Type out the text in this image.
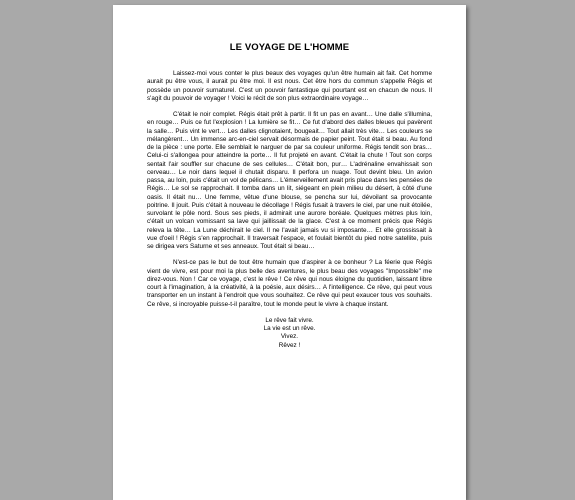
LE VOYAGE DE L'HOMME

Laissez-moi vous conter le plus beaux des voyages qu'un être humain ait fait. Cet homme aurait pu être vous, il aurait pu être moi. Il est nous. Cet être hors du commun s'appelle Régis et possède un pouvoir surnaturel. C'est un pouvoir fantastique qui pourtant est en chacun de nous. Il s'agit du pouvoir de voyager ! Voici le récit de son plus extraordinaire voyage…

C'était le noir complet. Régis était prêt à partir. Il fit un pas en avant… Une dalle s'illumina, en rouge… Puis ce fut l'explosion ! La lumière se fit… Ce fut d'abord des dalles bleues qui pavèrent la salle… Puis vint le vert… Les dalles clignotaient, bougeait… Tout allait très vite… Les couleurs se mélangèrent… Un immense arc-en-ciel servait désormais de papier peint. Tout était si beau. Au fond de la pièce : une porte. Elle semblait le narguer de par sa couleur uniforme. Régis tendit son bras… Celui-ci s'allongea pour atteindre la porte… Il fut projeté en avant. C'était la chute ! Tout son corps sentait l'air souffler sur chacune de ses cellules… C'était bon, pur… L'adrénaline envahissait son cerveau… Le noir dans lequel il chutait disparu. Il perfora un nuage. Tout devint bleu. Un avion passa, au loin, puis c'était un vol de pélicans… L'émerveillement avait pris place dans les pensées de Régis… Le sol se rapprochait. Il tomba dans un lit, siégeant en plein milieu du désert, à côté d'une oasis. Il était nu… Une femme, vêtue d'une blouse, se pencha sur lui, dévoilant sa provocante poitrine. Il jouit. Puis c'était à nouveau le décollage ! Régis fusait à travers le ciel, par une nuit étoilée, survolant le pôle nord. Sous ses pieds, il admirait une aurore boréale. Quelques mètres plus loin, c'était un volcan vomissant sa lave qui jaillissait de la glace. C'est à ce moment précis que Régis releva la tête… La Lune déchirait le ciel. Il ne l'avait jamais vu si imposante… Et elle grossissait à vue d'oeil ! Régis s'en rapprochait. Il traversait l'espace, et foulait bientôt du pied notre satellite, puis se dirigea vers Saturne et ses anneaux. Tout était si beau…

N'est-ce pas le but de tout être humain que d'aspirer à ce bonheur ? La féerie que Régis vient de vivre, est pour moi la plus belle des aventures, le plus beau des voyages "Impossible" me direz-vous. Non ! Car ce voyage, c'est le rêve ! Ce rêve qui nous éloigne du quotidien, laissant libre court à l'imagination, à la créativité, à la poésie, aux désirs… A l'intelligence. Ce rêve, qui peut vous transporter en un instant à l'endroit que vous souhaitez. Ce rêve qui peut exaucer tous vos souhaits. Ce rêve, si incroyable puisse-t-il paraître, tout le monde peut le vivre à chaque instant.

Le rêve fait vivre.
La vie est un rêve.
Vivez.
Rêvez !
